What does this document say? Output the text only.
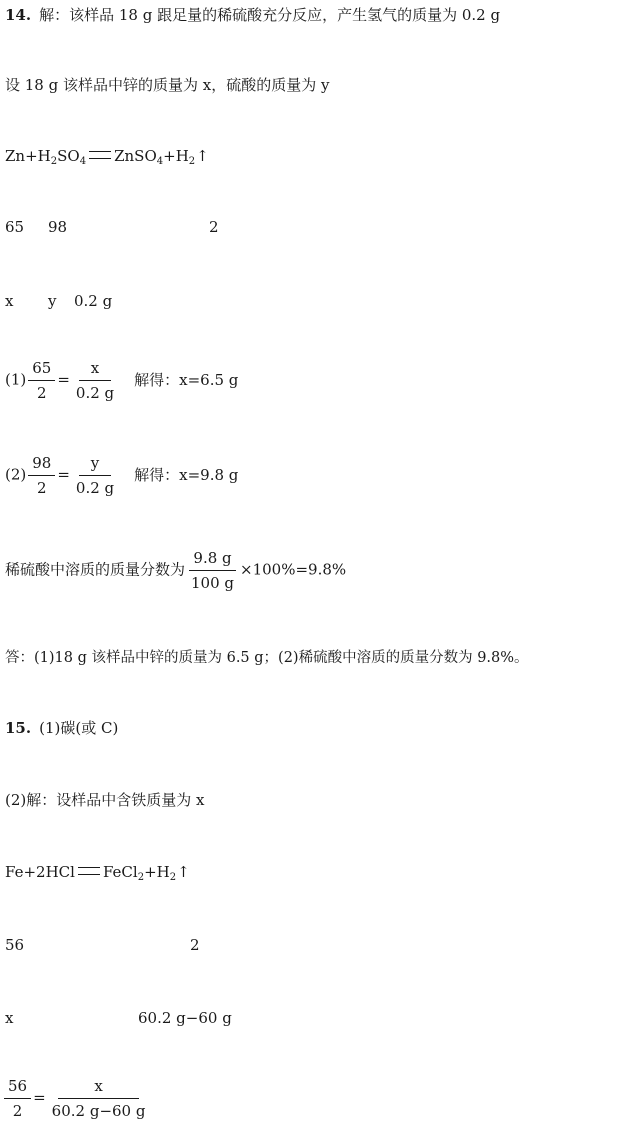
14. 解：该样品 18 g 跟足量的稀硫酸充分反应，产生氢气的质量为 0.2 g
设 18 g 该样品中锌的质量为 x，硫酸的质量为 y
$Zn+H_2SO_4$ $ZnSO_4+H_2↑$
65 98	2
x y 0.2 g
$(1) \frac{65}{2} = \frac{x}{0.2 g}$ 解得：x=6.5 g
$(2) \frac{98}{2} = \frac{y}{0.2 g}$ 解得：x=9.8 g
稀硫酸中溶质的质量分数为 $\frac{9.8 g}{100 g} \times 100\%=9.8\%$
答：(1)18 g 该样品中锌的质量为 6.5 g；(2)稀硫酸中溶质的质量分数为 9.8%。
15. (1)碳(或 C)
(2)解：设样品中含铁质量为 x
Fe+2HCl $FeCl_2+H_2↑$
56	2
x	60.2 g−60 g
$\frac{56}{2} = \frac{x}{60.2 g-60 g}$
